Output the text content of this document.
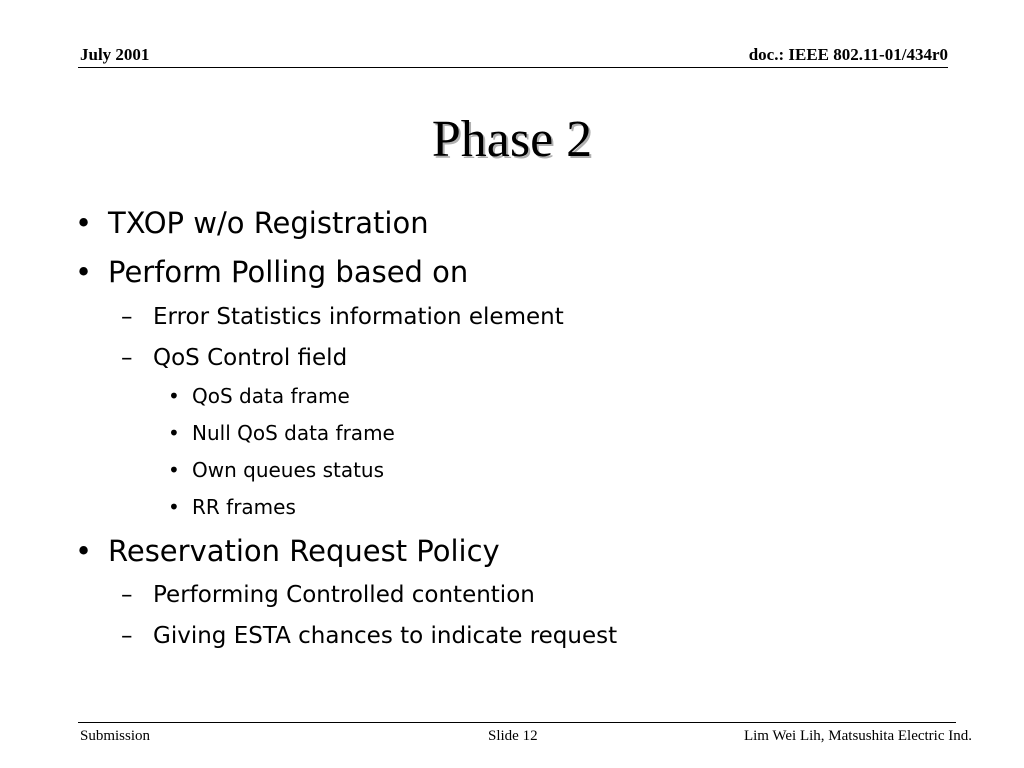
July 2001	doc.: IEEE 802.11-01/434r0
Phase 2
• TXOP w/o Registration
• Perform Polling based on
– Error Statistics information element
– QoS Control field
• QoS data frame
• Null QoS data frame
• Own queues status
• RR frames
• Reservation Request Policy
– Performing Controlled contention
– Giving ESTA chances to indicate request
Submission	Slide 12	Lim Wei Lih, Matsushita Electric Ind.
